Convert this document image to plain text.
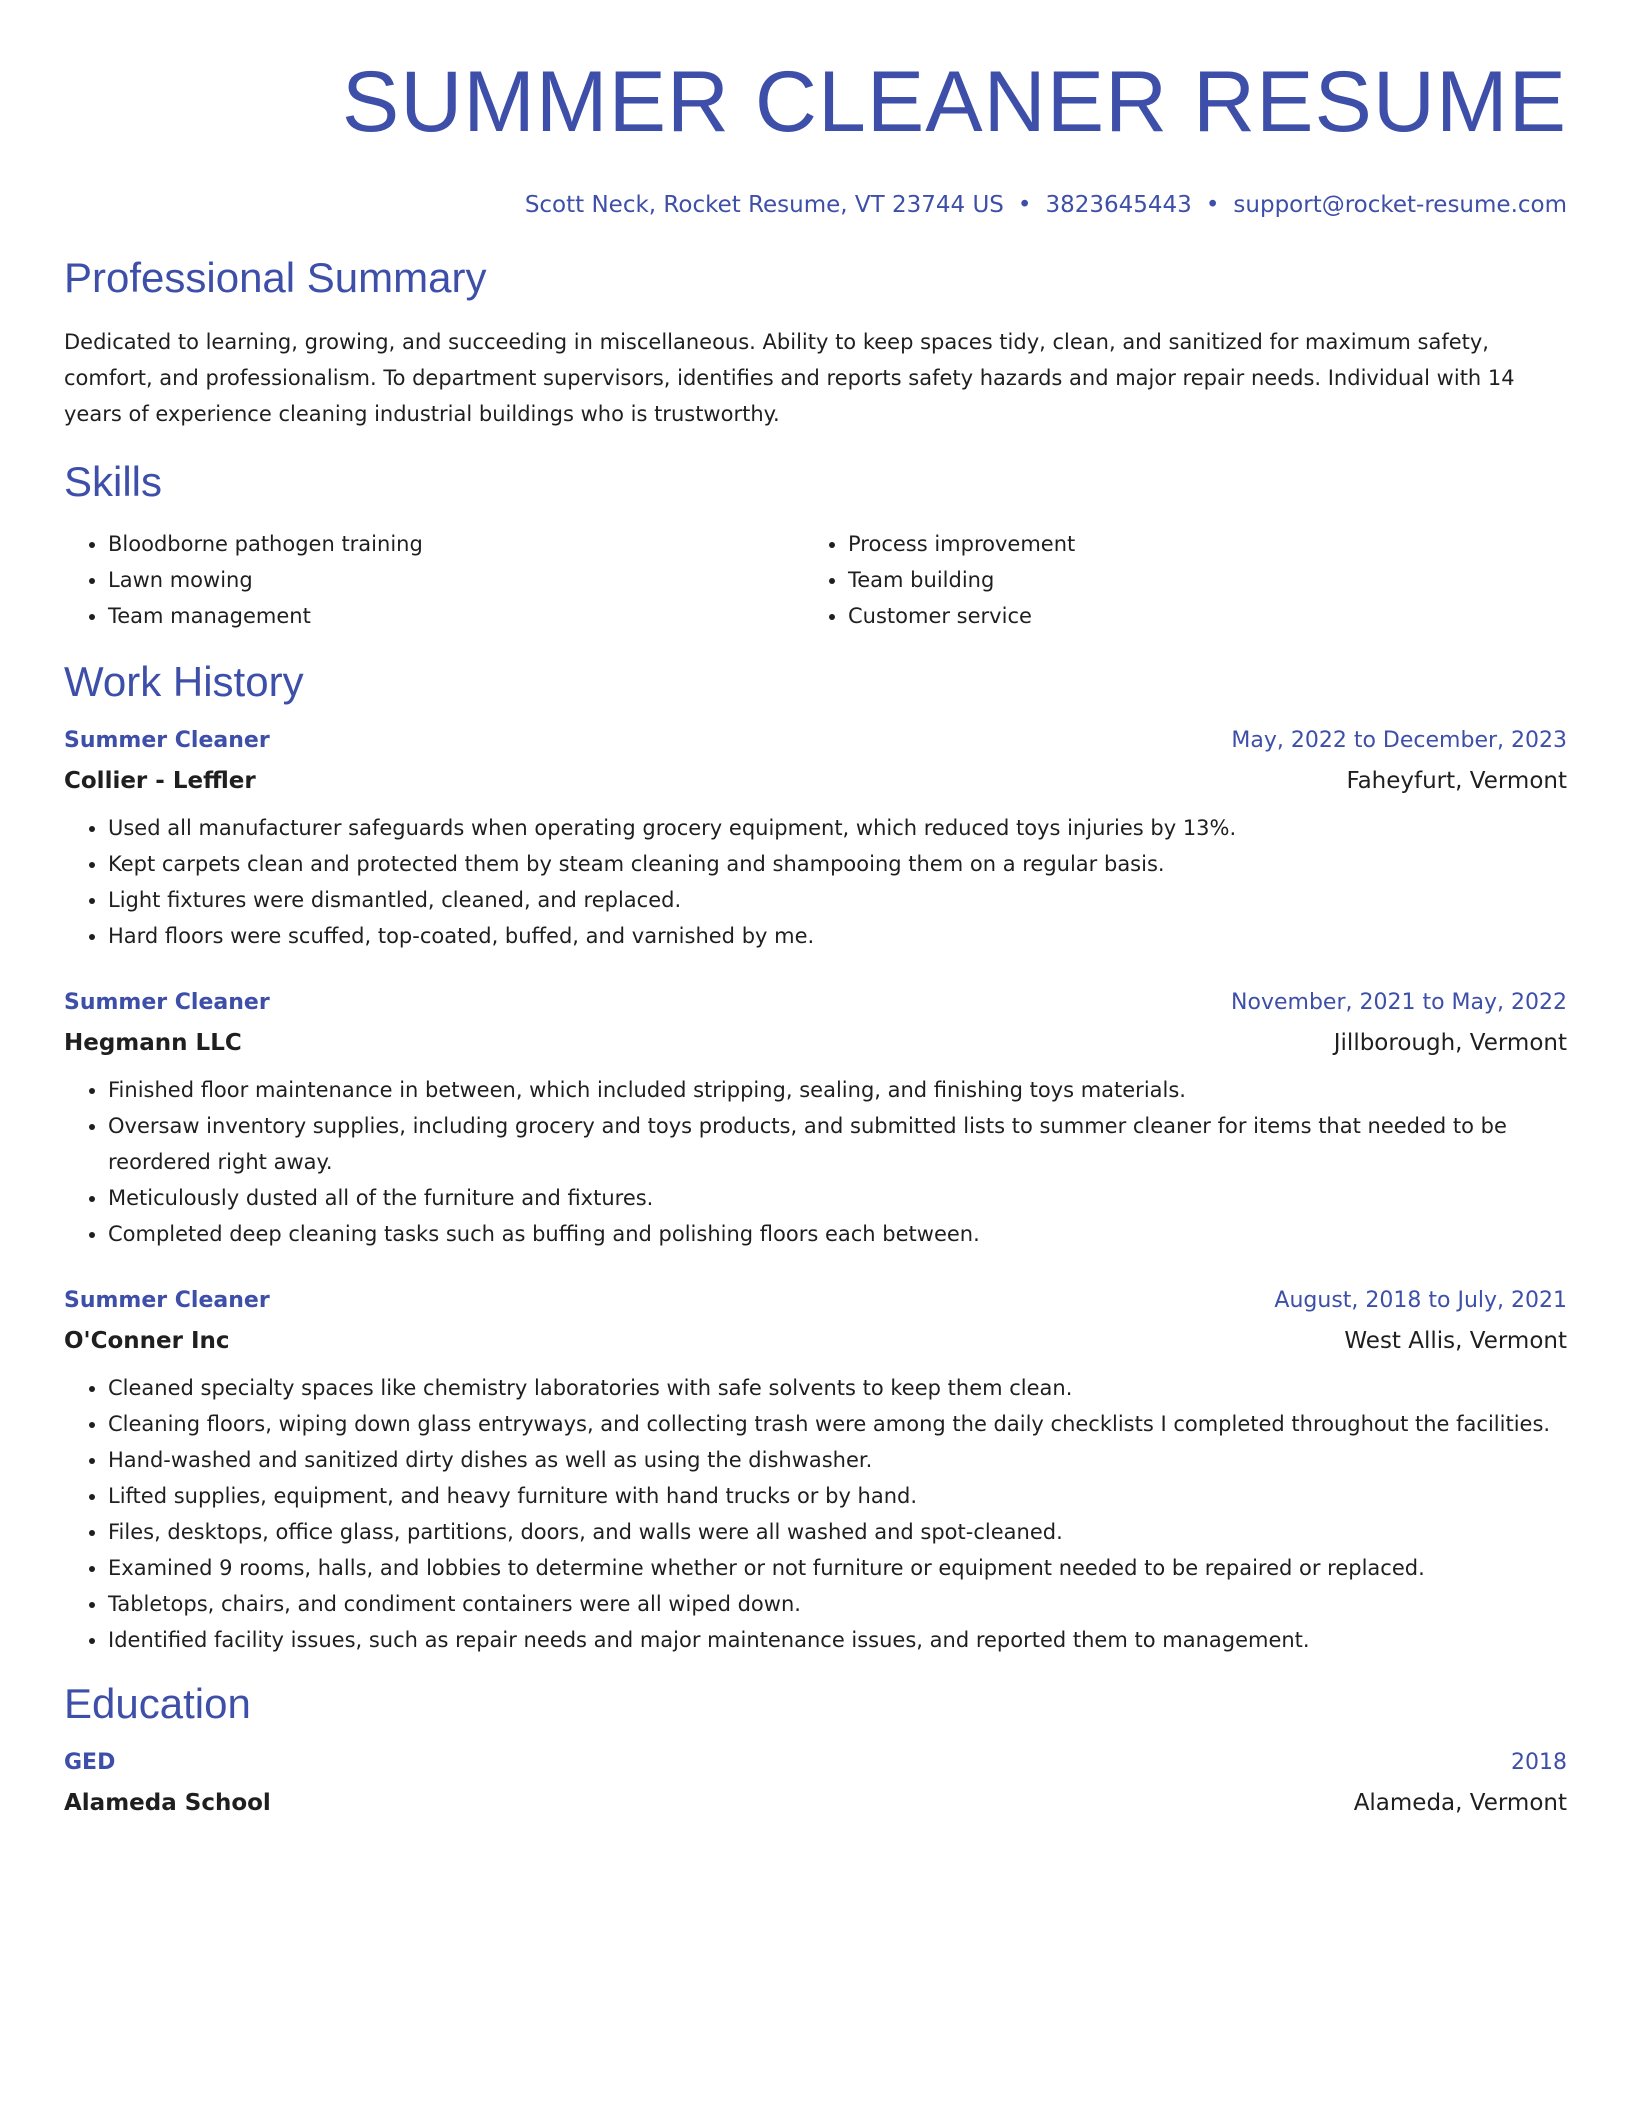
SUMMER CLEANER RESUME
Scott Neck, Rocket Resume, VT 23744 US • 3823645443 • support@rocket-resume.com
Professional Summary
Dedicated to learning, growing, and succeeding in miscellaneous. Ability to keep spaces tidy, clean, and sanitized for maximum safety, comfort, and professionalism. To department supervisors, identifies and reports safety hazards and major repair needs. Individual with 14 years of experience cleaning industrial buildings who is trustworthy.
Skills
• Bloodborne pathogen training
• Lawn mowing
• Team management
• Process improvement
• Team building
• Customer service
Work History
Summer Cleaner	May, 2022 to December, 2023
Collier - Leffler	Faheyfurt, Vermont
• Used all manufacturer safeguards when operating grocery equipment, which reduced toys injuries by 13%.
• Kept carpets clean and protected them by steam cleaning and shampooing them on a regular basis.
• Light fixtures were dismantled, cleaned, and replaced.
• Hard floors were scuffed, top-coated, buffed, and varnished by me.
Summer Cleaner	November, 2021 to May, 2022
Hegmann LLC	Jillborough, Vermont
• Finished floor maintenance in between, which included stripping, sealing, and finishing toys materials.
• Oversaw inventory supplies, including grocery and toys products, and submitted lists to summer cleaner for items that needed to be reordered right away.
• Meticulously dusted all of the furniture and fixtures.
• Completed deep cleaning tasks such as buffing and polishing floors each between.
Summer Cleaner	August, 2018 to July, 2021
O'Conner Inc	West Allis, Vermont
• Cleaned specialty spaces like chemistry laboratories with safe solvents to keep them clean.
• Cleaning floors, wiping down glass entryways, and collecting trash were among the daily checklists I completed throughout the facilities.
• Hand-washed and sanitized dirty dishes as well as using the dishwasher.
• Lifted supplies, equipment, and heavy furniture with hand trucks or by hand.
• Files, desktops, office glass, partitions, doors, and walls were all washed and spot-cleaned.
• Examined 9 rooms, halls, and lobbies to determine whether or not furniture or equipment needed to be repaired or replaced.
• Tabletops, chairs, and condiment containers were all wiped down.
• Identified facility issues, such as repair needs and major maintenance issues, and reported them to management.
Education
GED	2018
Alameda School	Alameda, Vermont
